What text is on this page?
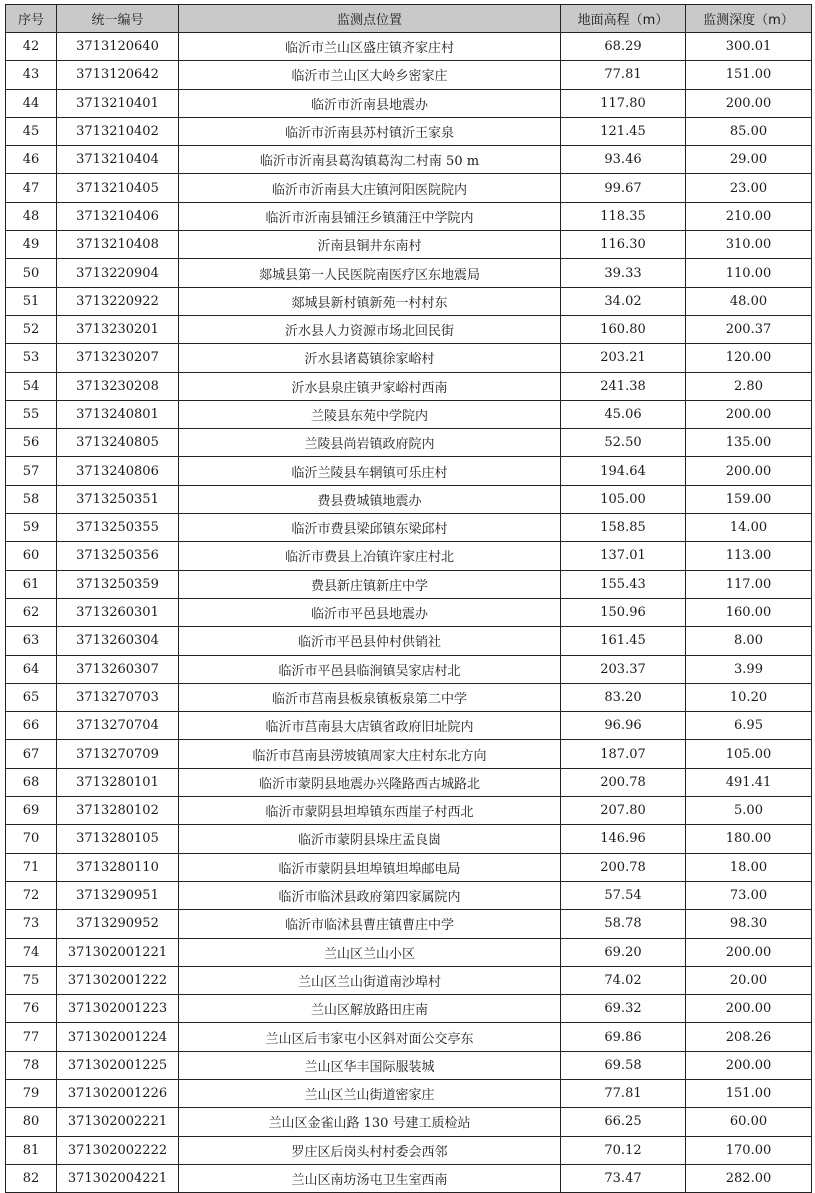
序号	统一编号	监测点位置	地面高程（m）	监测深度（m）
42	3713120640	临沂市兰山区盛庄镇齐家庄村	68.29	300.01
43	3713120642	临沂市兰山区大岭乡密家庄	77.81	151.00
44	3713210401	临沂市沂南县地震办	117.80	200.00
45	3713210402	临沂市沂南县苏村镇沂王家泉	121.45	85.00
46	3713210404	临沂市沂南县葛沟镇葛沟二村南 50 m	93.46	29.00
47	3713210405	临沂市沂南县大庄镇河阳医院院内	99.67	23.00
48	3713210406	临沂市沂南县铺汪乡镇蒲汪中学院内	118.35	210.00
49	3713210408	沂南县铜井东南村	116.30	310.00
50	3713220904	郯城县第一人民医院南医疗区东地震局	39.33	110.00
51	3713220922	郯城县新村镇新苑一村村东	34.02	48.00
52	3713230201	沂水县人力资源市场北回民街	160.80	200.37
53	3713230207	沂水县诸葛镇徐家峪村	203.21	120.00
54	3713230208	沂水县泉庄镇尹家峪村西南	241.38	2.80
55	3713240801	兰陵县东苑中学院内	45.06	200.00
56	3713240805	兰陵县尚岩镇政府院内	52.50	135.00
57	3713240806	临沂兰陵县车辋镇可乐庄村	194.64	200.00
58	3713250351	费县费城镇地震办	105.00	159.00
59	3713250355	临沂市费县梁邱镇东梁邱村	158.85	14.00
60	3713250356	临沂市费县上冶镇许家庄村北	137.01	113.00
61	3713250359	费县新庄镇新庄中学	155.43	117.00
62	3713260301	临沂市平邑县地震办	150.96	160.00
63	3713260304	临沂市平邑县仲村供销社	161.45	8.00
64	3713260307	临沂市平邑县临涧镇吴家店村北	203.37	3.99
65	3713270703	临沂市莒南县板泉镇板泉第二中学	83.20	10.20
66	3713270704	临沂市莒南县大店镇省政府旧址院内	96.96	6.95
67	3713270709	临沂市莒南县涝坡镇周家大庄村东北方向	187.07	105.00
68	3713280101	临沂市蒙阴县地震办兴隆路西古城路北	200.78	491.41
69	3713280102	临沂市蒙阴县坦埠镇东西崖子村西北	207.80	5.00
70	3713280105	临沂市蒙阴县垛庄孟良崮	146.96	180.00
71	3713280110	临沂市蒙阴县坦埠镇坦埠邮电局	200.78	18.00
72	3713290951	临沂市临沭县政府第四家属院内	57.54	73.00
73	3713290952	临沂市临沭县曹庄镇曹庄中学	58.78	98.30
74	371302001221	兰山区兰山小区	69.20	200.00
75	371302001222	兰山区兰山街道南沙埠村	74.02	20.00
76	371302001223	兰山区解放路田庄南	69.32	200.00
77	371302001224	兰山区后韦家屯小区斜对面公交亭东	69.86	208.26
78	371302001225	兰山区华丰国际服装城	69.58	200.00
79	371302001226	兰山区兰山街道密家庄	77.81	151.00
80	371302002221	兰山区金雀山路 130 号建工质检站	66.25	60.00
81	371302002222	罗庄区后岗头村村委会西邻	70.12	170.00
82	371302004221	兰山区南坊汤屯卫生室西南	73.47	282.00
